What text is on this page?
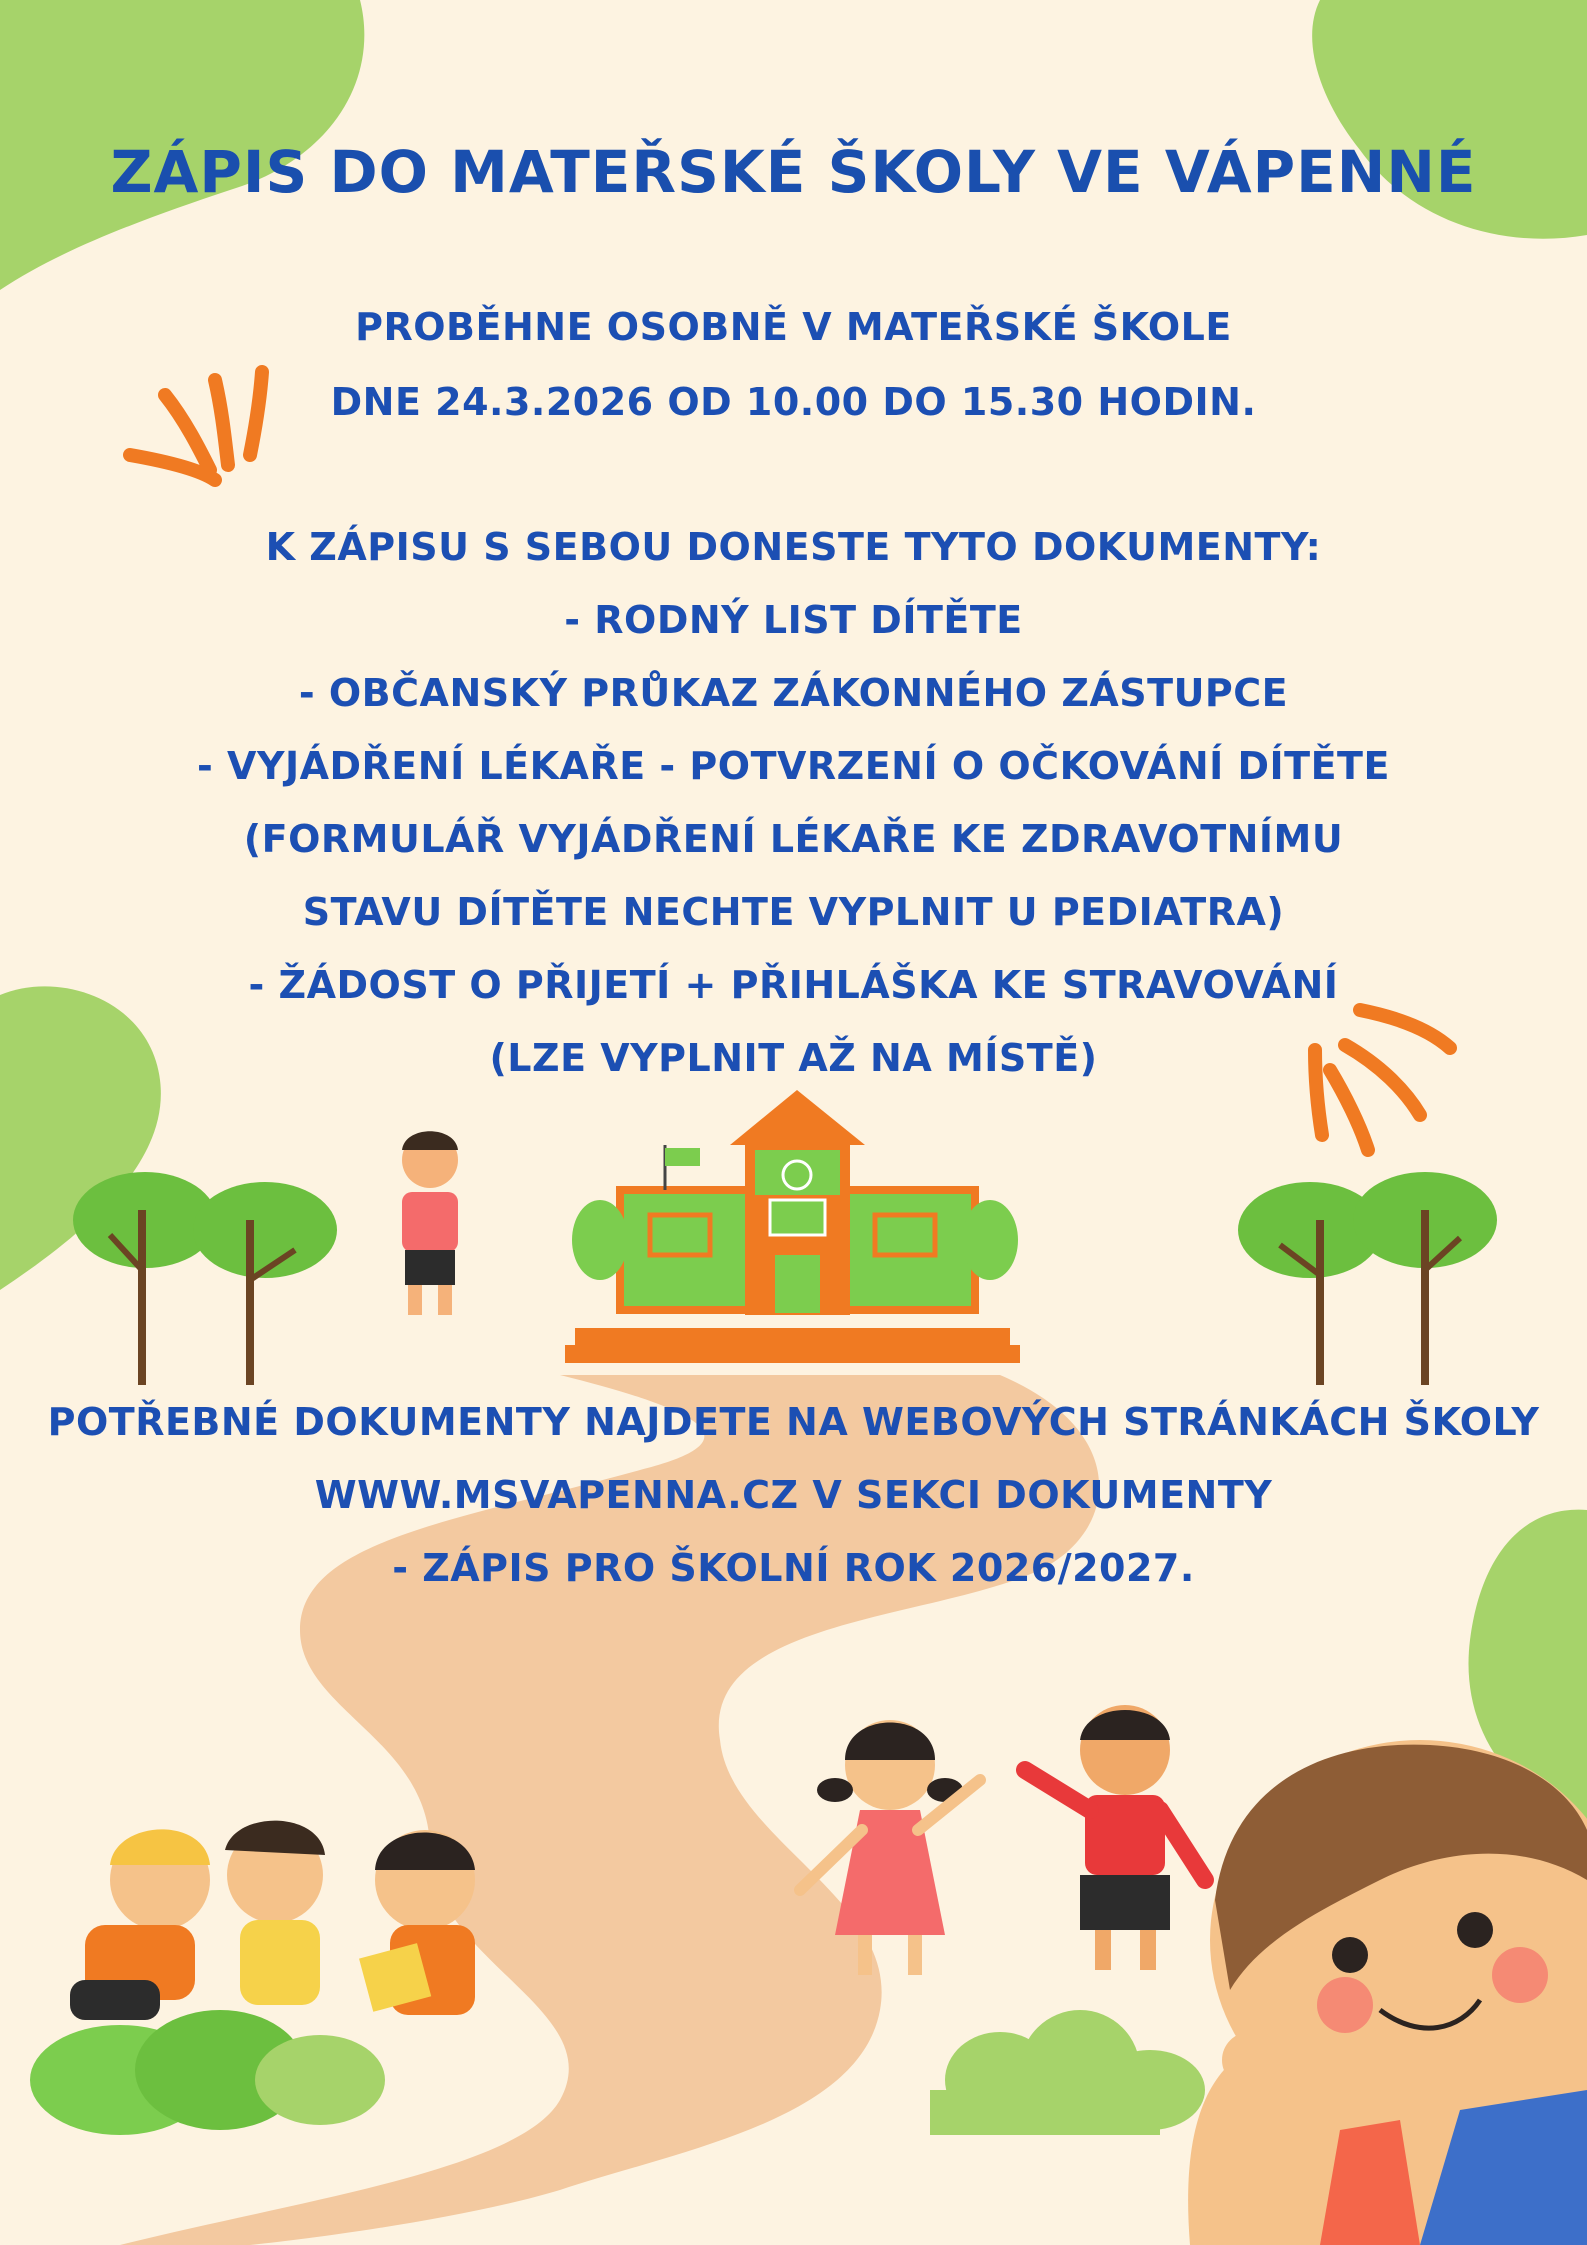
ZÁPIS DO MATEŘSKÉ ŠKOLY VE VÁPENNÉ
PROBĚHNE OSOBNĚ V MATEŘSKÉ ŠKOLE
DNE 24.3.2026 OD 10.00 DO 15.30 HODIN.
K ZÁPISU S SEBOU DONESTE TYTO DOKUMENTY:
- RODNÝ LIST DÍTĚTE
- OBČANSKÝ PRŮKAZ ZÁKONNÉHO ZÁSTUPCE
- VYJÁDŘENÍ LÉKAŘE - POTVRZENÍ O OČKOVÁNÍ DÍTĚTE
(FORMULÁŘ VYJÁDŘENÍ LÉKAŘE KE ZDRAVOTNÍMU
STAVU DÍTĚTE NECHTE VYPLNIT U PEDIATRA)
- ŽÁDOST O PŘIJETÍ + PŘIHLÁŠKA KE STRAVOVÁNÍ
(LZE VYPLNIT AŽ NA MÍSTĚ)
POTŘEBNÉ DOKUMENTY NAJDETE NA WEBOVÝCH STRÁNKÁCH ŠKOLY
WWW.MSVAPENNA.CZ V SEKCI DOKUMENTY
- ZÁPIS PRO ŠKOLNÍ ROK 2026/2027.
